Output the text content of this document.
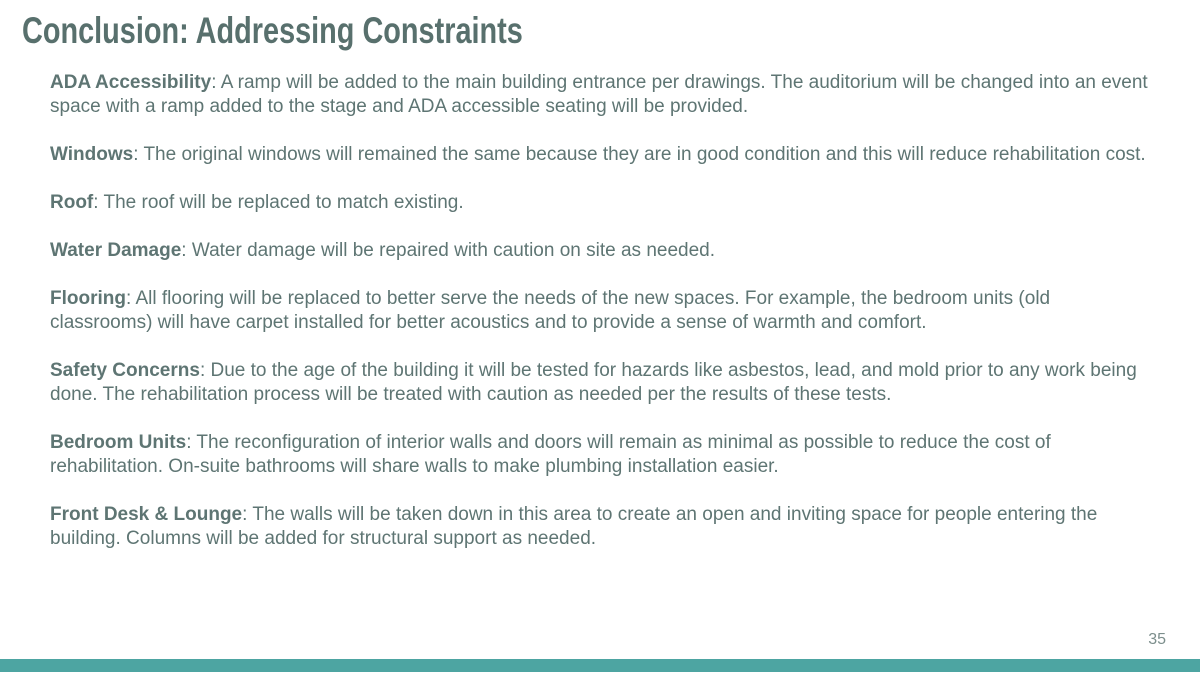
Conclusion: Addressing Constraints

ADA Accessibility: A ramp will be added to the main building entrance per drawings. The auditorium will be changed into an event space with a ramp added to the stage and ADA accessible seating will be provided.

Windows: The original windows will remained the same because they are in good condition and this will reduce rehabilitation cost.

Roof: The roof will be replaced to match existing.

Water Damage: Water damage will be repaired with caution on site as needed.

Flooring: All flooring will be replaced to better serve the needs of the new spaces. For example, the bedroom units (old classrooms) will have carpet installed for better acoustics and to provide a sense of warmth and comfort.

Safety Concerns: Due to the age of the building it will be tested for hazards like asbestos, lead, and mold prior to any work being done. The rehabilitation process will be treated with caution as needed per the results of these tests.

Bedroom Units: The reconfiguration of interior walls and doors will remain as minimal as possible to reduce the cost of rehabilitation. On-suite bathrooms will share walls to make plumbing installation easier.

Front Desk & Lounge: The walls will be taken down in this area to create an open and inviting space for people entering the building. Columns will be added for structural support as needed.

35
